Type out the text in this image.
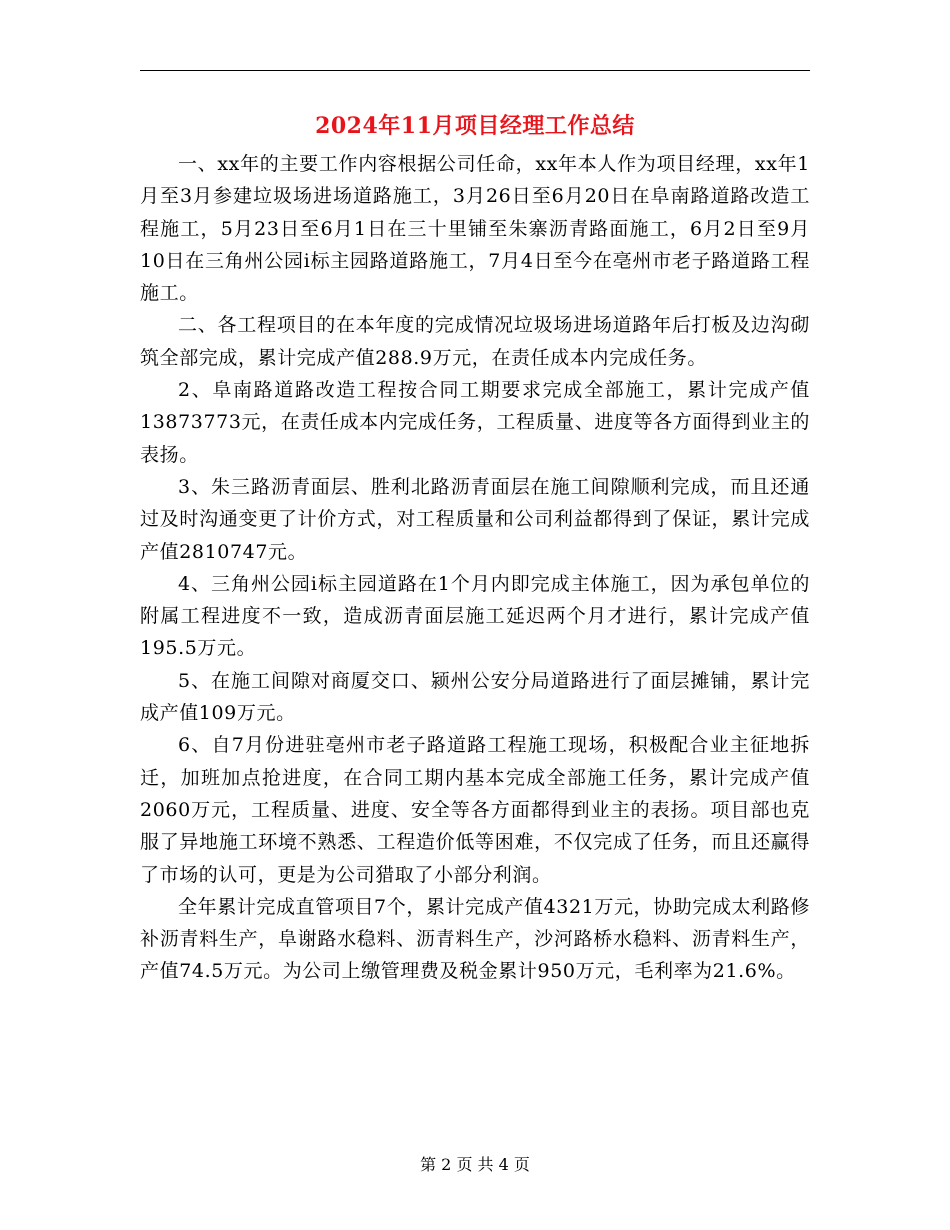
2024年11月项目经理工作总结

一、xx年的主要工作内容根据公司任命，xx年本人作为项目经理，xx年1月至3月参建垃圾场进场道路施工，3月26日至6月20日在阜南路道路改造工程施工，5月23日至6月1日在三十里铺至朱寨沥青路面施工，6月2日至9月10日在三角州公园i标主园路道路施工，7月4日至今在亳州市老子路道路工程施工。

二、各工程项目的在本年度的完成情况垃圾场进场道路年后打板及边沟砌筑全部完成，累计完成产值288.9万元，在责任成本内完成任务。

2、阜南路道路改造工程按合同工期要求完成全部施工，累计完成产值13873773元，在责任成本内完成任务，工程质量、进度等各方面得到业主的表扬。

3、朱三路沥青面层、胜利北路沥青面层在施工间隙顺利完成，而且还通过及时沟通变更了计价方式，对工程质量和公司利益都得到了保证，累计完成产值2810747元。

4、三角州公园i标主园道路在1个月内即完成主体施工，因为承包单位的附属工程进度不一致，造成沥青面层施工延迟两个月才进行，累计完成产值195.5万元。

5、在施工间隙对商厦交口、颍州公安分局道路进行了面层摊铺，累计完成产值109万元。

6、自7月份进驻亳州市老子路道路工程施工现场，积极配合业主征地拆迁，加班加点抢进度，在合同工期内基本完成全部施工任务，累计完成产值2060万元，工程质量、进度、安全等各方面都得到业主的表扬。项目部也克服了异地施工环境不熟悉、工程造价低等困难，不仅完成了任务，而且还赢得了市场的认可，更是为公司猎取了小部分利润。

全年累计完成直管项目7个，累计完成产值4321万元，协助完成太利路修补沥青料生产，阜谢路水稳料、沥青料生产，沙河路桥水稳料、沥青料生产，产值74.5万元。为公司上缴管理费及税金累计950万元，毛利率为21.6%。

第 2 页 共 4 页
